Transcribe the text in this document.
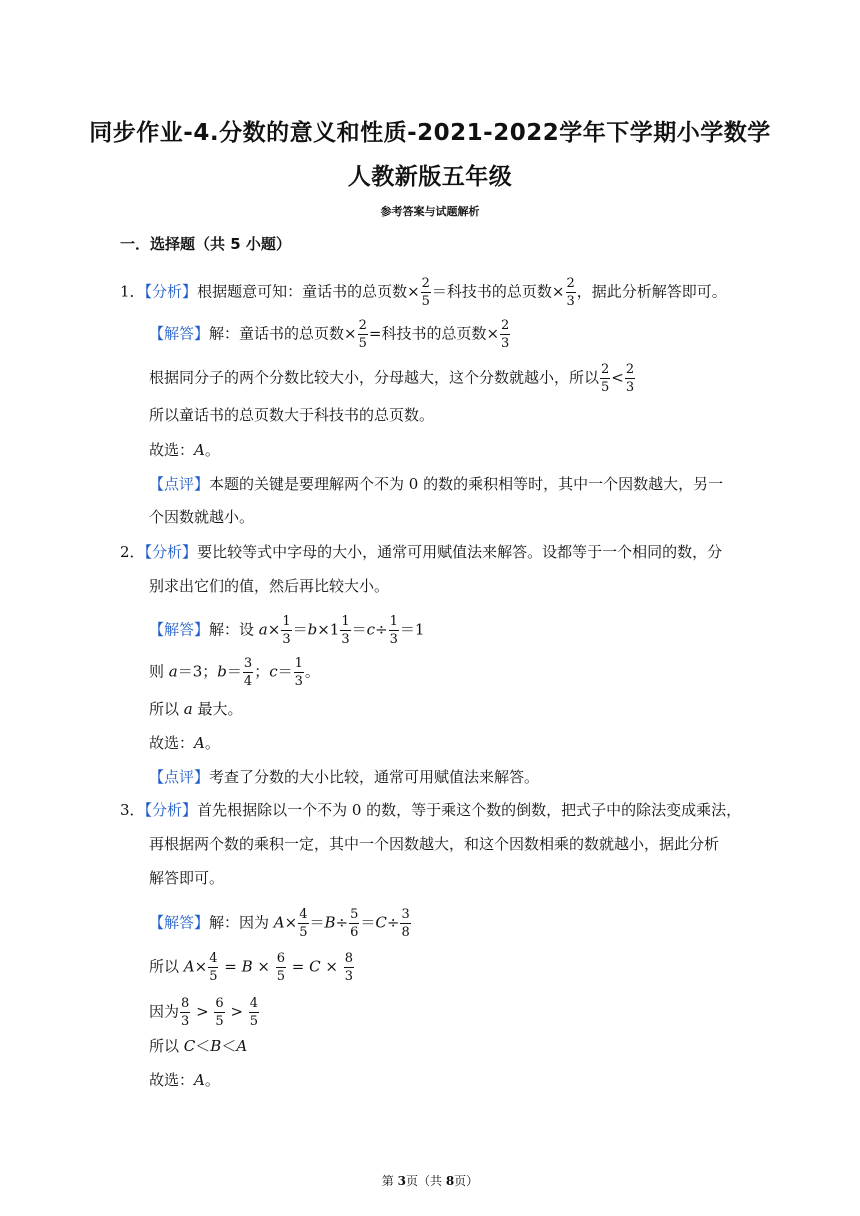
同步作业-4.分数的意义和性质-2021-2022学年下学期小学数学
人教新版五年级
参考答案与试题解析
一．选择题（共 5 小题）
1．【分析】根据题意可知：童话书的总页数× $\frac{2}{5}$ ＝科技书的总页数× $\frac{2}{3}$ ，据此分析解答即可。
【解答】解：童话书的总页数× $\frac{2}{5}$ =科技书的总页数× $\frac{2}{3}$
根据同分子的两个分数比较大小，分母越大，这个分数就越小，所以 $\frac{2}{5} < \frac{2}{3}$
所以童话书的总页数大于科技书的总页数。
故选：A。
【点评】本题的关键是要理解两个不为 0 的数的乘积相等时，其中一个因数越大，另一
个因数就越小。
2．【分析】要比较等式中字母的大小，通常可用赋值法来解答。设都等于一个相同的数，分
别求出它们的值，然后再比较大小。
【解答】解：设 $a\times \frac{1}{3} =b\times 1 \frac{1}{3} =c\div \frac{1}{3} =1$
则 a＝3；$b= \frac{3}{4}$ ；$c= \frac{1}{3}$ 。
所以 a 最大。
故选：A。
【点评】考查了分数的大小比较，通常可用赋值法来解答。
3．【分析】首先根据除以一个不为 0 的数，等于乘这个数的倒数，把式子中的除法变成乘法，
再根据两个数的乘积一定，其中一个因数越大，和这个因数相乘的数就越小，据此分析
解答即可。
【解答】解：因为 $A\times \frac{4}{5} =B\div \frac{5}{6} =C\div \frac{3}{8}$
所以 $A\times \frac{4}{5} = B \times \frac{6}{5} = C \times \frac{8}{3}$
因为 $\frac{8}{3} > \frac{6}{5} > \frac{4}{5}$
所以 C＜B＜A
故选：A。
第 3页（共 8页）
